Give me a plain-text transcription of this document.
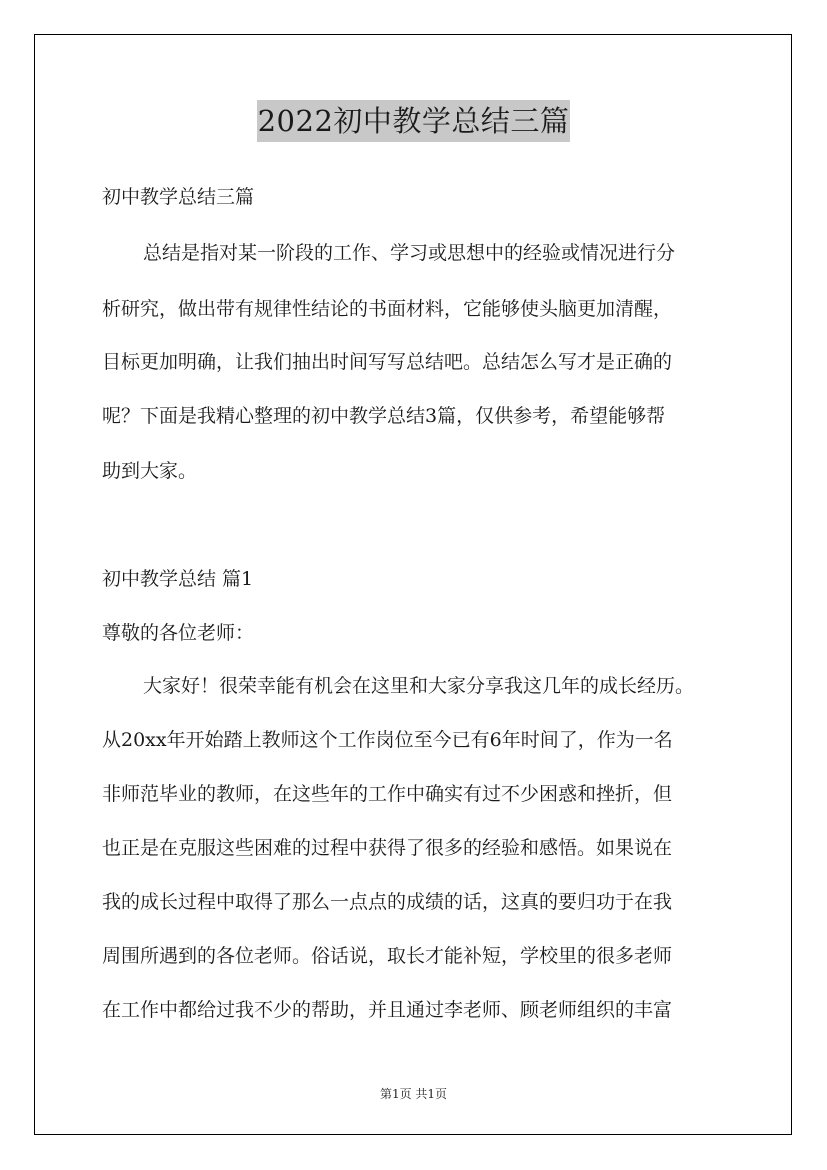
2022初中教学总结三篇
初中教学总结三篇
总结是指对某一阶段的工作、学习或思想中的经验或情况进行分
析研究，做出带有规律性结论的书面材料，它能够使头脑更加清醒，
目标更加明确，让我们抽出时间写写总结吧。总结怎么写才是正确的
呢？下面是我精心整理的初中教学总结3篇，仅供参考，希望能够帮
助到大家。
初中教学总结 篇1
尊敬的各位老师：
大家好！很荣幸能有机会在这里和大家分享我这几年的成长经历。
从20xx年开始踏上教师这个工作岗位至今已有6年时间了，作为一名
非师范毕业的教师，在这些年的工作中确实有过不少困惑和挫折，但
也正是在克服这些困难的过程中获得了很多的经验和感悟。如果说在
我的成长过程中取得了那么一点点的成绩的话，这真的要归功于在我
周围所遇到的各位老师。俗话说，取长才能补短，学校里的很多老师
在工作中都给过我不少的帮助，并且通过李老师、顾老师组织的丰富
第1页 共1页
